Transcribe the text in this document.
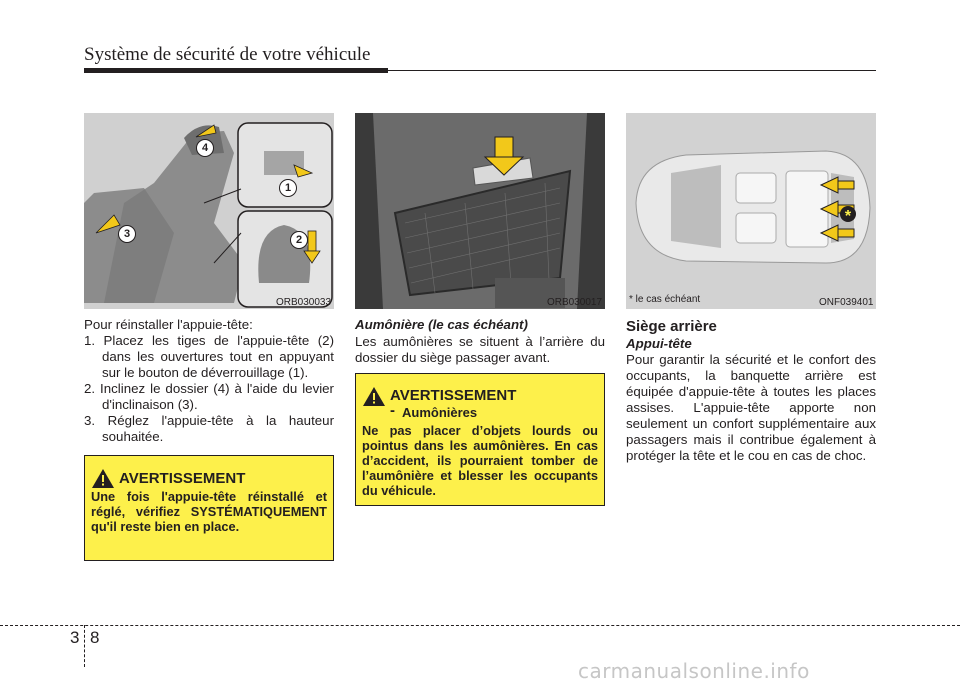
Système de sécurité de votre véhicule
4
1
3	2
ORB030033
Pour réinstaller l'appuie-tête:
1. Placez les tiges de l'appuie-tête (2) dans les ouvertures tout en appuyant sur le bouton de déverrouillage (1).
2. Inclinez le dossier (4) à l'aide du levier d'inclinaison (3).
3. Réglez l'appuie-tête à la hauteur souhaitée.
AVERTISSEMENT
Une fois l'appuie-tête réinstallé et réglé, vérifiez SYSTÉMATIQUEMENT qu'il reste bien en place.
ORB030017
Aumônière (le cas échéant)
Les aumônières se situent à l’arrière du dossier du siège passager avant.
AVERTISSEMENT
- Aumônières
Ne pas placer d’objets lourds ou pointus dans les aumônières. En cas d’accident, ils pourraient tomber de l’aumônière et blesser les occupants du véhicule.
*
* le cas échéant	ONF039401
Siège arrière
Appui-tête
Pour garantir la sécurité et le confort des occupants, la banquette arrière est équipée d'appuie-tête à toutes les places assises. L'appuie-tête apporte non seulement un confort supplémentaire aux passagers mais il contribue également à protéger la tête et le cou en cas de choc.
3 8
carmanualsonline.info
